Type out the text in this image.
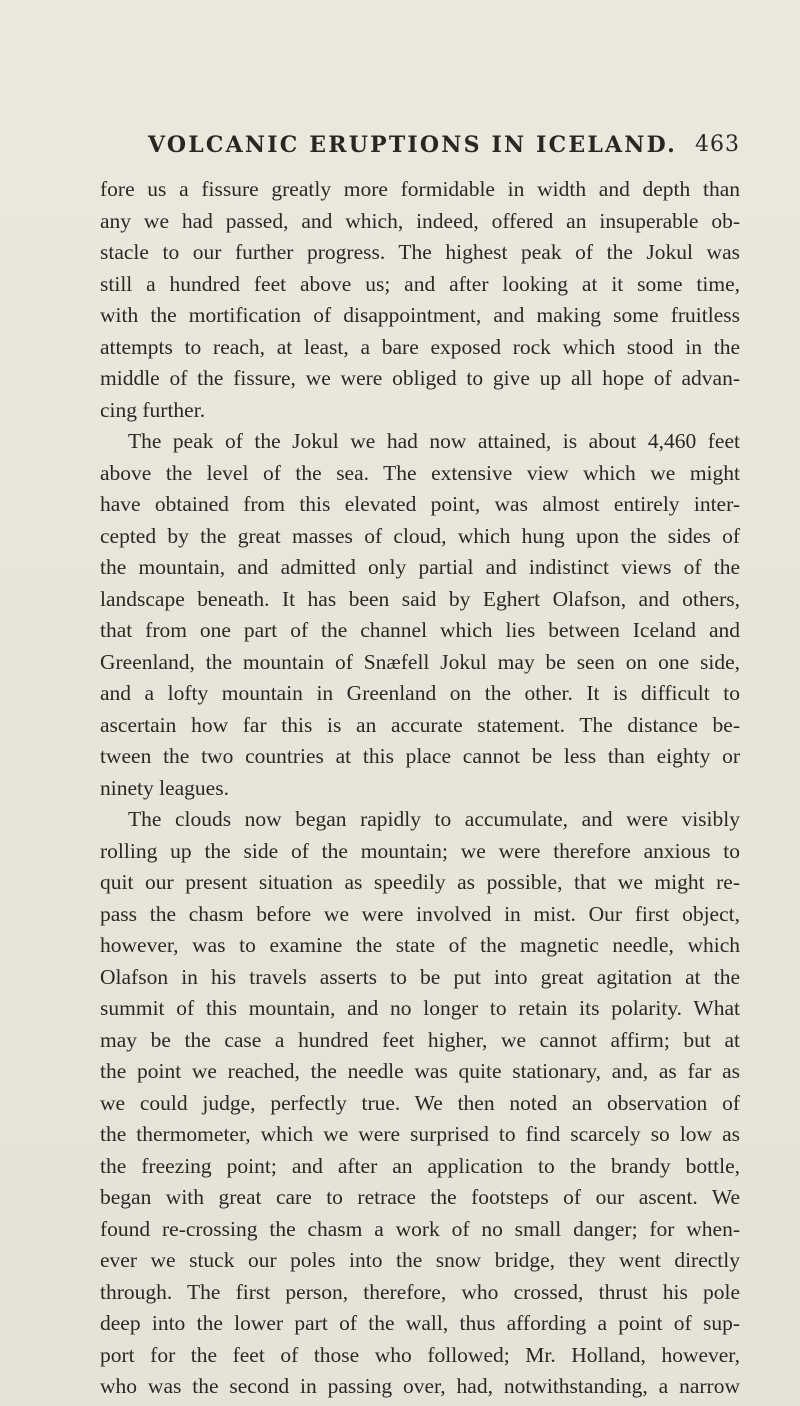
VOLCANIC ERUPTIONS IN ICELAND. 463
fore us a fissure greatly more formidable in width and depth than
any we had passed, and which, indeed, offered an insuperable ob-
stacle to our further progress. The highest peak of the Jokul was
still a hundred feet above us; and after looking at it some time,
with the mortification of disappointment, and making some fruitless
attempts to reach, at least, a bare exposed rock which stood in the
middle of the fissure, we were obliged to give up all hope of advan-
cing further.
The peak of the Jokul we had now attained, is about 4,460 feet
above the level of the sea. The extensive view which we might
have obtained from this elevated point, was almost entirely inter-
cepted by the great masses of cloud, which hung upon the sides of
the mountain, and admitted only partial and indistinct views of the
landscape beneath. It has been said by Eghert Olafson, and others,
that from one part of the channel which lies between Iceland and
Greenland, the mountain of Snæfell Jokul may be seen on one side,
and a lofty mountain in Greenland on the other. It is difficult to
ascertain how far this is an accurate statement. The distance be-
tween the two countries at this place cannot be less than eighty or
ninety leagues.
The clouds now began rapidly to accumulate, and were visibly
rolling up the side of the mountain; we were therefore anxious to
quit our present situation as speedily as possible, that we might re-
pass the chasm before we were involved in mist. Our first object,
however, was to examine the state of the magnetic needle, which
Olafson in his travels asserts to be put into great agitation at the
summit of this mountain, and no longer to retain its polarity. What
may be the case a hundred feet higher, we cannot affirm; but at
the point we reached, the needle was quite stationary, and, as far as
we could judge, perfectly true. We then noted an observation of
the thermometer, which we were surprised to find scarcely so low as
the freezing point; and after an application to the brandy bottle,
began with great care to retrace the footsteps of our ascent. We
found re-crossing the chasm a work of no small danger; for when-
ever we stuck our poles into the snow bridge, they went directly
through. The first person, therefore, who crossed, thrust his pole
deep into the lower part of the wall, thus affording a point of sup-
port for the feet of those who followed; Mr. Holland, however,
who was the second in passing over, had, notwithstanding, a narrow
